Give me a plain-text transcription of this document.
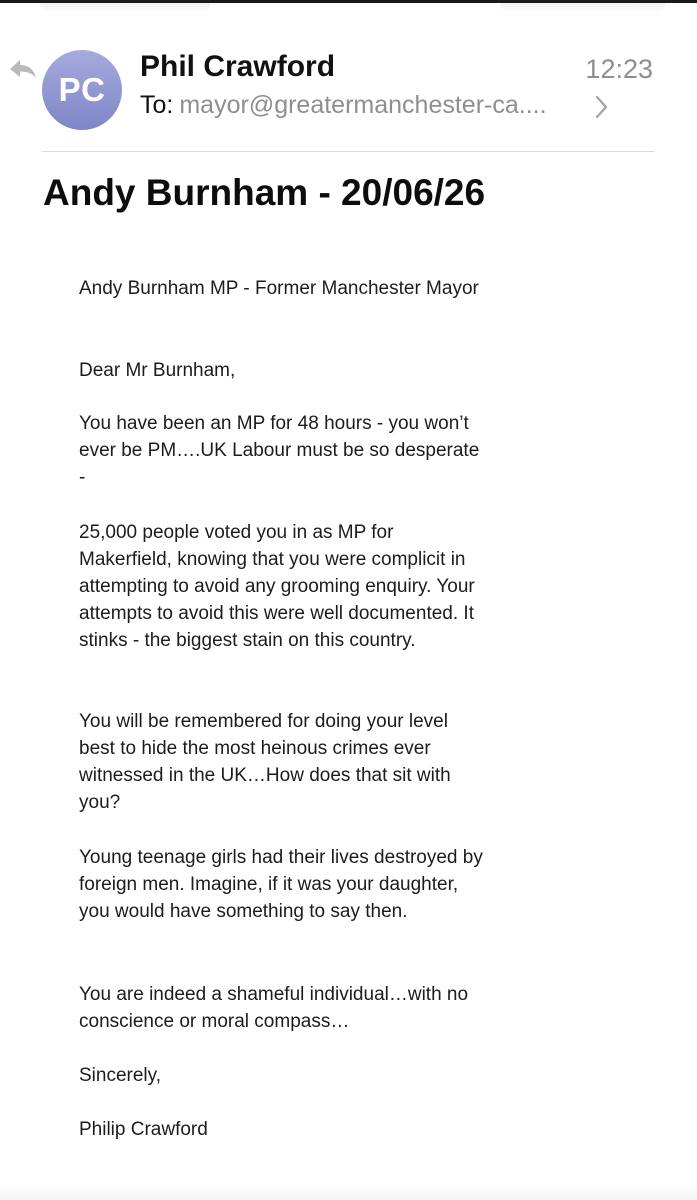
PC
Phil Crawford	12:23
To: mayor@greatermanchester-ca....
Andy Burnham - 20/06/26

Andy Burnham MP - Former Manchester Mayor

Dear Mr Burnham,

You have been an MP for 48 hours - you won’t ever be PM….UK Labour must be so desperate -

25,000 people voted you in as MP for Makerfield, knowing that you were complicit in attempting to avoid any grooming enquiry. Your attempts to avoid this were well documented. It stinks - the biggest stain on this country.

You will be remembered for doing your level best to hide the most heinous crimes ever witnessed in the UK…How does that sit with you?

Young teenage girls had their lives destroyed by foreign men. Imagine, if it was your daughter, you would have something to say then.

You are indeed a shameful individual…with no conscience or moral compass…

Sincerely,

Philip Crawford
